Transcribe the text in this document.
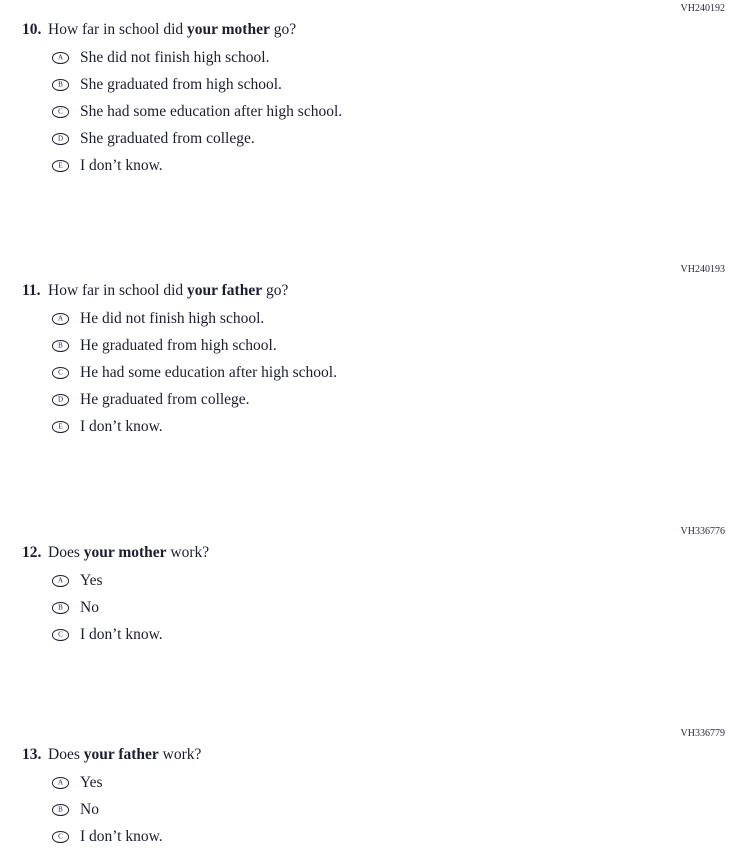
VH240192
10. How far in school did your mother go?
A She did not finish high school.
B She graduated from high school.
C She had some education after high school.
D She graduated from college.
E I don’t know.
VH240193
11. How far in school did your father go?
A He did not finish high school.
B He graduated from high school.
C He had some education after high school.
D He graduated from college.
E I don’t know.
VH336776
12. Does your mother work?
A Yes
B No
C I don’t know.
VH336779
13. Does your father work?
A Yes
B No
C I don’t know.
